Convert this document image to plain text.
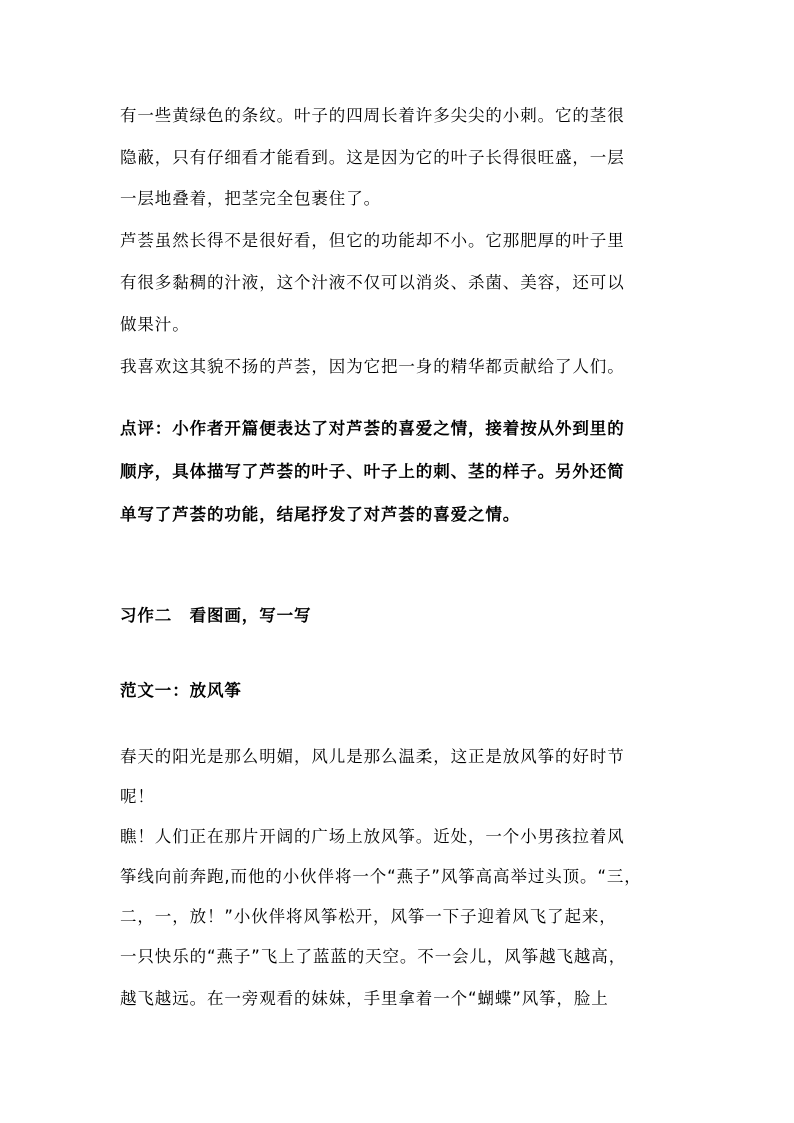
有一些黄绿色的条纹。叶子的四周长着许多尖尖的小刺。它的茎很
隐蔽，只有仔细看才能看到。这是因为它的叶子长得很旺盛，一层
一层地叠着，把茎完全包裹住了。
芦荟虽然长得不是很好看，但它的功能却不小。它那肥厚的叶子里
有很多黏稠的汁液，这个汁液不仅可以消炎、杀菌、美容，还可以
做果汁。
我喜欢这其貌不扬的芦荟，因为它把一身的精华都贡献给了人们。
点评：小作者开篇便表达了对芦荟的喜爱之情，接着按从外到里的
顺序，具体描写了芦荟的叶子、叶子上的刺、茎的样子。另外还简
单写了芦荟的功能，结尾抒发了对芦荟的喜爱之情。
习作二　看图画，写一写
范文一：放风筝
春天的阳光是那么明媚，风儿是那么温柔，这正是放风筝的好时节
呢！
瞧！人们正在那片开阔的广场上放风筝。近处，一个小男孩拉着风
筝线向前奔跑,而他的小伙伴将一个“燕子”风筝高高举过头顶。“三，
二，一，放！”小伙伴将风筝松开，风筝一下子迎着风飞了起来，
一只快乐的“燕子”飞上了蓝蓝的天空。不一会儿，风筝越飞越高，
越飞越远。在一旁观看的妹妹，手里拿着一个“蝴蝶”风筝，脸上
